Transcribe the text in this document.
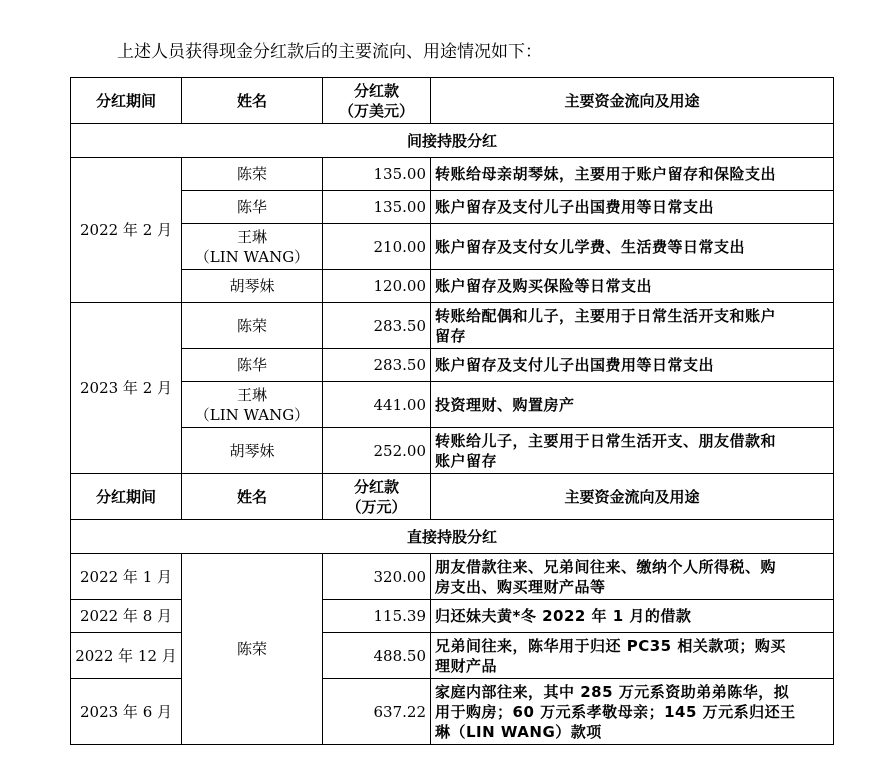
上述人员获得现金分红款后的主要流向、用途情况如下：
分红期间	姓名	分红款
（万美元）	主要资金流向及用途
间接持股分红			
2022 年 2 月	陈荣	135.00	转账给母亲胡琴妹，主要用于账户留存和保险支出
	陈华	135.00	账户留存及支付儿子出国费用等日常支出

	王琳
（LIN WANG）	210.00	账户留存及支付女儿学费、生活费等日常支出
	胡琴妹	120.00	账户留存及购买保险等日常支出
2023 年 2 月	陈荣	283.50	转账给配偶和儿子，主要用于日常生活开支和账户
留存

	陈华	283.50	账户留存及支付儿子出国费用等日常支出

	王琳
（LIN WANG）	441.00	投资理财、购置房产
	胡琴妹	252.00	转账给儿子，主要用于日常生活开支、朋友借款和
账户留存

分红期间	姓名	分红款
（万元）	主要资金流向及用途
直接持股分红			
2022 年 1 月	陈荣	320.00	朋友借款往来、兄弟间往来、缴纳个人所得税、购
房支出、购买理财产品等

2022 年 8 月		115.39	归还妹夫黄*冬 2022 年 1 月的借款
2022 年 12 月		488.50	兄弟间往来，陈华用于归还 PC35 相关款项；购买
理财产品

2023 年 6 月		637.22	家庭内部往来，其中 285 万元系资助弟弟陈华，拟
用于购房；60 万元系孝敬母亲；145 万元系归还王
琳（LIN WANG）款项
